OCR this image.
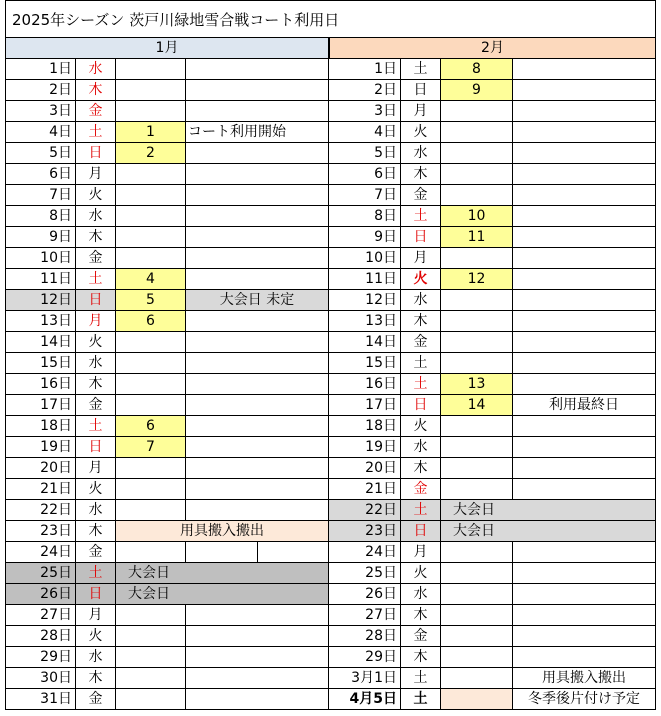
2025年シーズン 茨戸川緑地雪合戦コート利用日
1月	2月
1日	水
2日	木
3日	金
4日	土	1	コート利用開始
5日	日	2
6日	月
7日	火
8日	水
9日	木
10日	金
11日	土	4
12日	日	5	大会日 未定
13日	月	6
14日	火
15日	水
16日	木
17日	金
18日	土	6
19日	日	7
20日	月
21日	火
22日	水
23日	木	用具搬入搬出
24日	金
25日	土	大会日
26日	日	大会日
27日	月
28日	火
29日	水
30日	木
31日	金
1日	土	8
2日	日	9
3日	月
4日	火
5日	水
6日	木
7日	金
8日	土	10
9日	日	11
10日	月
11日	火	12
12日	水
13日	木
14日	金
15日	土
16日	土	13
17日	日	14	利用最終日
18日	火
19日	水
20日	木
21日	金
22日	土	大会日
23日	日	大会日
24日	月
25日	火
26日	水
27日	木
28日	金
29日	木
3月1日	土	用具搬入搬出
4月5日	土	冬季後片付け予定
